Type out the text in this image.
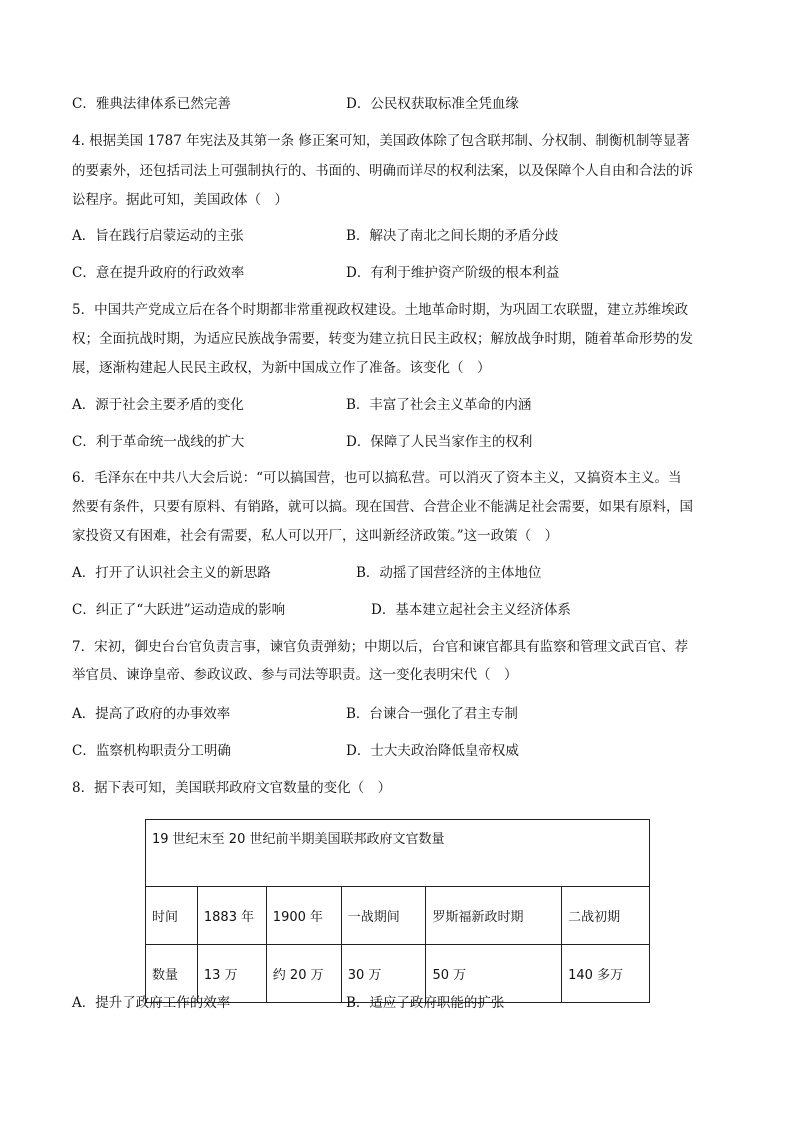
C．雅典法律体系已然完善	D．公民权获取标准全凭血缘
4. 根据美国 1787 年宪法及其第一条 修正案可知，美国政体除了包含联邦制、分权制、制衡机制等显著
的要素外，还包括司法上可强制执行的、书面的、明确而详尽的权利法案，以及保障个人自由和合法的诉
讼程序。据此可知，美国政体（　）
A．旨在践行启蒙运动的主张	B．解决了南北之间长期的矛盾分歧
C．意在提升政府的行政效率	D．有利于维护资产阶级的根本利益
5．中国共产党成立后在各个时期都非常重视政权建设。土地革命时期，为巩固工农联盟，建立苏维埃政
权；全面抗战时期，为适应民族战争需要，转变为建立抗日民主政权；解放战争时期，随着革命形势的发
展，逐渐构建起人民民主政权，为新中国成立作了准备。该变化（　）
A．源于社会主要矛盾的变化	B．丰富了社会主义革命的内涵
C．利于革命统一战线的扩大	D．保障了人民当家作主的权利
6．毛泽东在中共八大会后说：“可以搞国营，也可以搞私营。可以消灭了资本主义，又搞资本主义。当
然要有条件，只要有原料、有销路，就可以搞。现在国营、合营企业不能满足社会需要，如果有原料，国
家投资又有困难，社会有需要，私人可以开厂，这叫新经济政策。”这一政策（　）
A．打开了认识社会主义的新思路	B．动摇了国营经济的主体地位
C．纠正了“大跃进”运动造成的影响	D．基本建立起社会主义经济体系
7．宋初，御史台台官负责言事，谏官负责弹劾；中期以后，台官和谏官都具有监察和管理文武百官、荐
举官员、谏诤皇帝、参政议政、参与司法等职责。这一变化表明宋代（　）
A．提高了政府的办事效率	B．台谏合一强化了君主专制
C．监察机构职责分工明确	D．士大夫政治降低皇帝权威
8．据下表可知，美国联邦政府文官数量的变化（　）
19 世纪末至 20 世纪前半期美国联邦政府文官数量					
时间	1883 年	1900 年	一战期间	罗斯福新政时期	二战初期
数量	13 万	约 20 万	30 万	50 万	140 多万
A．提升了政府工作的效率	B．适应了政府职能的扩张
